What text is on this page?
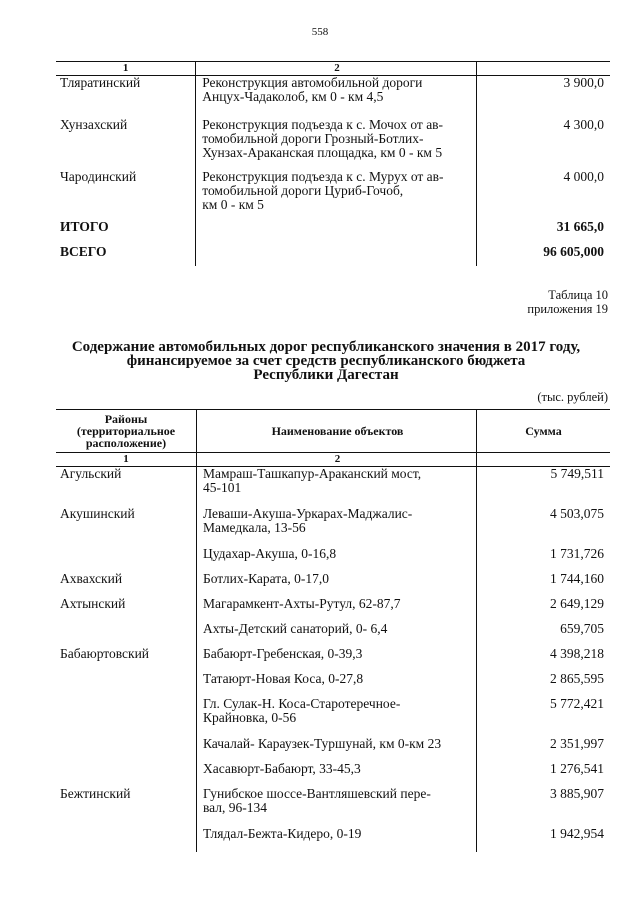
558
1	2	
Тляратинский	Реконструкция автомобильной дороги
Анцух-Чадаколоб, км 0 - км 4,5	3 900,0
Хунзахский	Реконструкция подъезда к с. Мочох от ав-
томобильной дороги Грозный-Ботлих-
Хунзах-Араканская площадка, км 0 - км 5	4 300,0
Чародинский	Реконструкция подъезда к с. Мурух от ав-
томобильной дороги Цуриб-Гочоб,
км 0 - км 5	4 000,0
ИТОГО		31 665,0
ВСЕГО		96 605,000
Таблица 10
приложения 19
Содержание автомобильных дорог республиканского значения в 2017 году,
финансируемое за счет средств республиканского бюджета
Республики Дагестан
(тыс. рублей)
Районы
(территориальное
расположение)	Наименование объектов	Сумма
1	2	
Агульский	Мамраш-Ташкапур-Араканский мост,
45-101	5 749,511
Акушинский	Леваши-Акуша-Уркарах-Маджалис-
Мамедкала, 13-56	4 503,075
	Цудахар-Акуша, 0-16,8	1 731,726
Ахвахский	Ботлих-Карата, 0-17,0	1 744,160
Ахтынский	Магарамкент-Ахты-Рутул, 62-87,7	2 649,129
	Ахты-Детский санаторий, 0- 6,4	659,705
Бабаюртовский	Бабаюрт-Гребенская, 0-39,3	4 398,218
	Татаюрт-Новая Коса, 0-27,8	2 865,595
	Гл. Сулак-Н. Коса-Старотеречное-
Крайновка, 0-56	5 772,421
	Качалай- Караузек-Туршунай, км 0-км 23	2 351,997
	Хасавюрт-Бабаюрт, 33-45,3	1 276,541
Бежтинский	Гунибское шоссе-Вантляшевский пере-
вал, 96-134	3 885,907
	Тлядал-Бежта-Кидеро, 0-19	1 942,954
